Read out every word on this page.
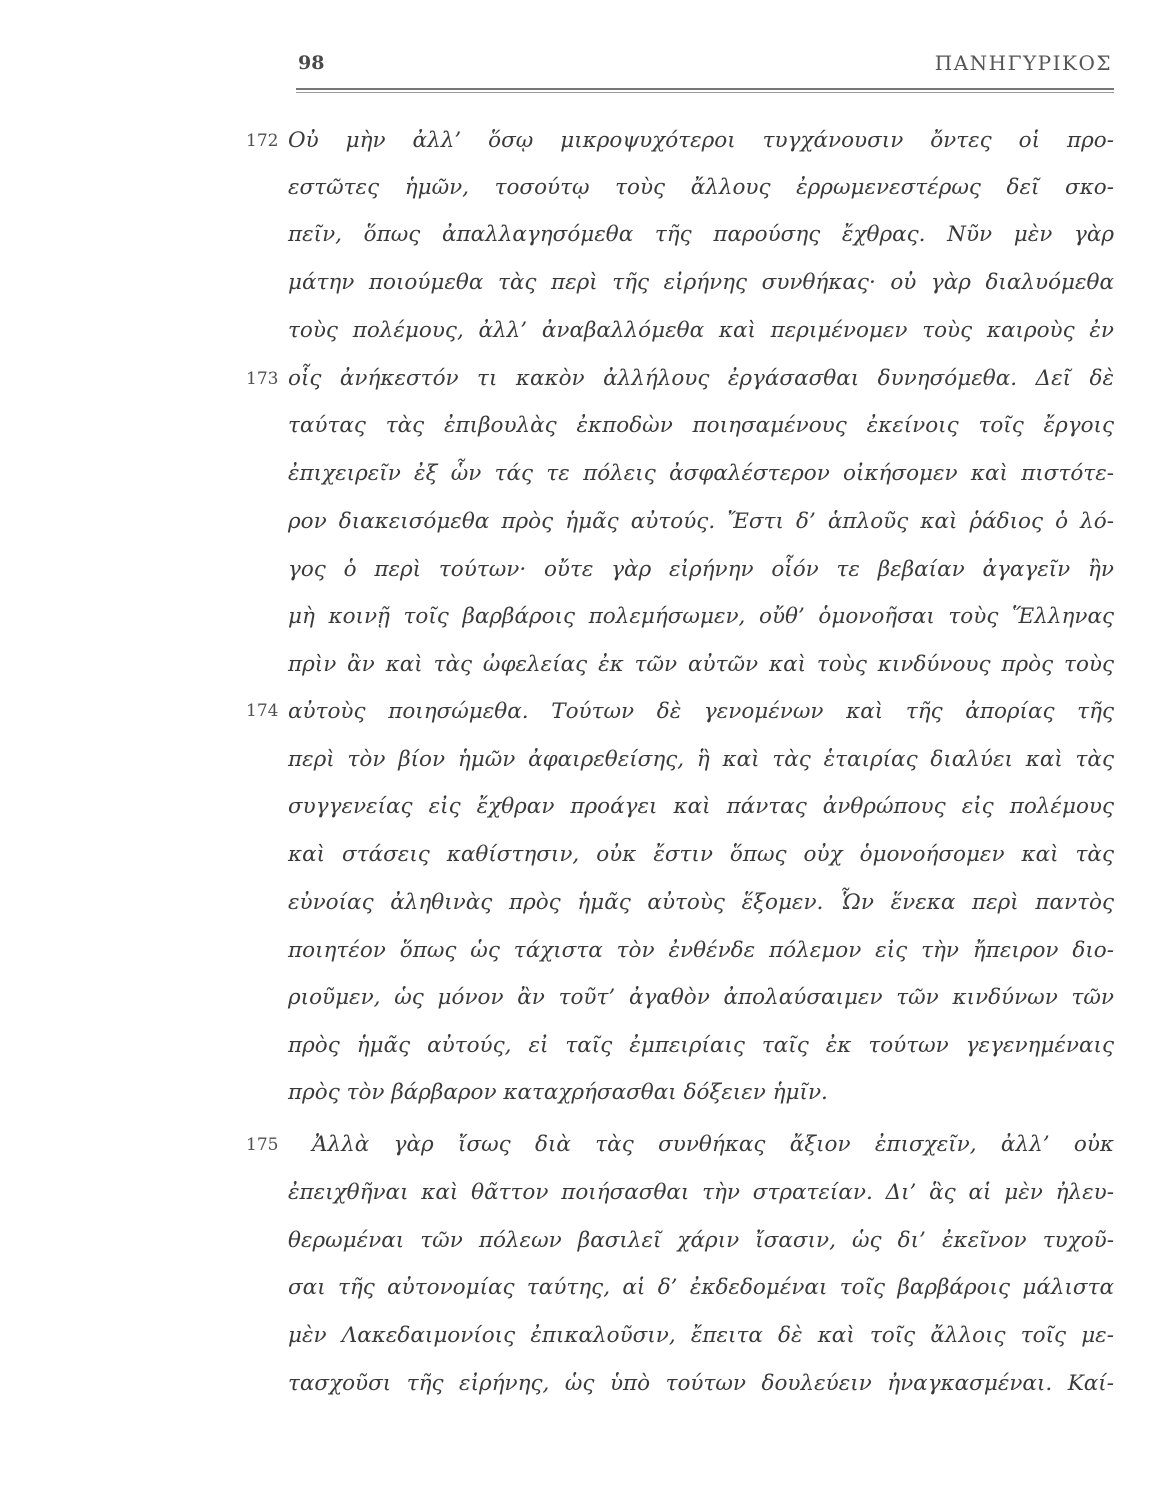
98	ΠΑΝΗΓΥΡΙΚΟΣ
172
173
174
175
Οὐ μὴν ἀλλ’ ὅσῳ μικροψυχότεροι τυγχάνουσιν ὄντες οἱ προ-
εστῶτες ἡμῶν, τοσούτῳ τοὺς ἄλλους ἐρρωμενεστέρως δεῖ σκο-
πεῖν, ὅπως ἀπαλλαγησόμεθα τῆς παρούσης ἔχθρας. Νῦν μὲν γὰρ
μάτην ποιούμεθα τὰς περὶ τῆς εἰρήνης συνθήκας· οὐ γὰρ διαλυόμεθα
τοὺς πολέμους, ἀλλ’ ἀναβαλλόμεθα καὶ περιμένομεν τοὺς καιροὺς ἐν
οἷς ἀνήκεστόν τι κακὸν ἀλλήλους ἐργάσασθαι δυνησόμεθα. Δεῖ δὲ
ταύτας τὰς ἐπιβουλὰς ἐκποδὼν ποιησαμένους ἐκείνοις τοῖς ἔργοις
ἐπιχειρεῖν ἐξ ὧν τάς τε πόλεις ἀσφαλέστερον οἰκήσομεν καὶ πιστότε-
ρον διακεισόμεθα πρὸς ἡμᾶς αὐτούς. Ἔστι δ’ ἁπλοῦς καὶ ῥάδιος ὁ λό-
γος ὁ περὶ τούτων· οὔτε γὰρ εἰρήνην οἷόν τε βεβαίαν ἀγαγεῖν ἢν
μὴ κοινῇ τοῖς βαρβάροις πολεμήσωμεν, οὔθ’ ὁμονοῆσαι τοὺς Ἕλληνας
πρὶν ἂν καὶ τὰς ὠφελείας ἐκ τῶν αὐτῶν καὶ τοὺς κινδύνους πρὸς τοὺς
αὐτοὺς ποιησώμεθα. Τούτων δὲ γενομένων καὶ τῆς ἀπορίας τῆς
περὶ τὸν βίον ἡμῶν ἀφαιρεθείσης, ἣ καὶ τὰς ἑταιρίας διαλύει καὶ τὰς
συγγενείας εἰς ἔχθραν προάγει καὶ πάντας ἀνθρώπους εἰς πολέμους
καὶ στάσεις καθίστησιν, οὐκ ἔστιν ὅπως οὐχ ὁμονοήσομεν καὶ τὰς
εὐνοίας ἀληθινὰς πρὸς ἡμᾶς αὐτοὺς ἕξομεν. Ὧν ἕνεκα περὶ παντὸς
ποιητέον ὅπως ὡς τάχιστα τὸν ἐνθένδε πόλεμον εἰς τὴν ἤπειρον διο-
ριοῦμεν, ὡς μόνον ἂν τοῦτ’ ἀγαθὸν ἀπολαύσαιμεν τῶν κινδύνων τῶν
πρὸς ἡμᾶς αὐτούς, εἰ ταῖς ἐμπειρίαις ταῖς ἐκ τούτων γεγενημέναις
πρὸς τὸν βάρβαρον καταχρήσασθαι δόξειεν ἡμῖν.
Ἀλλὰ γὰρ ἴσως διὰ τὰς συνθήκας ἄξιον ἐπισχεῖν, ἀλλ’ οὐκ
ἐπειχθῆναι καὶ θᾶττον ποιήσασθαι τὴν στρατείαν. Δι’ ἃς αἱ μὲν ἠλευ-
θερωμέναι τῶν πόλεων βασιλεῖ χάριν ἴσασιν, ὡς δι’ ἐκεῖνον τυχοῦ-
σαι τῆς αὐτονομίας ταύτης, αἱ δ’ ἐκδεδομέναι τοῖς βαρβάροις μάλιστα
μὲν Λακεδαιμονίοις ἐπικαλοῦσιν, ἔπειτα δὲ καὶ τοῖς ἄλλοις τοῖς με-
τασχοῦσι τῆς εἰρήνης, ὡς ὑπὸ τούτων δουλεύειν ἠναγκασμέναι. Καί-
